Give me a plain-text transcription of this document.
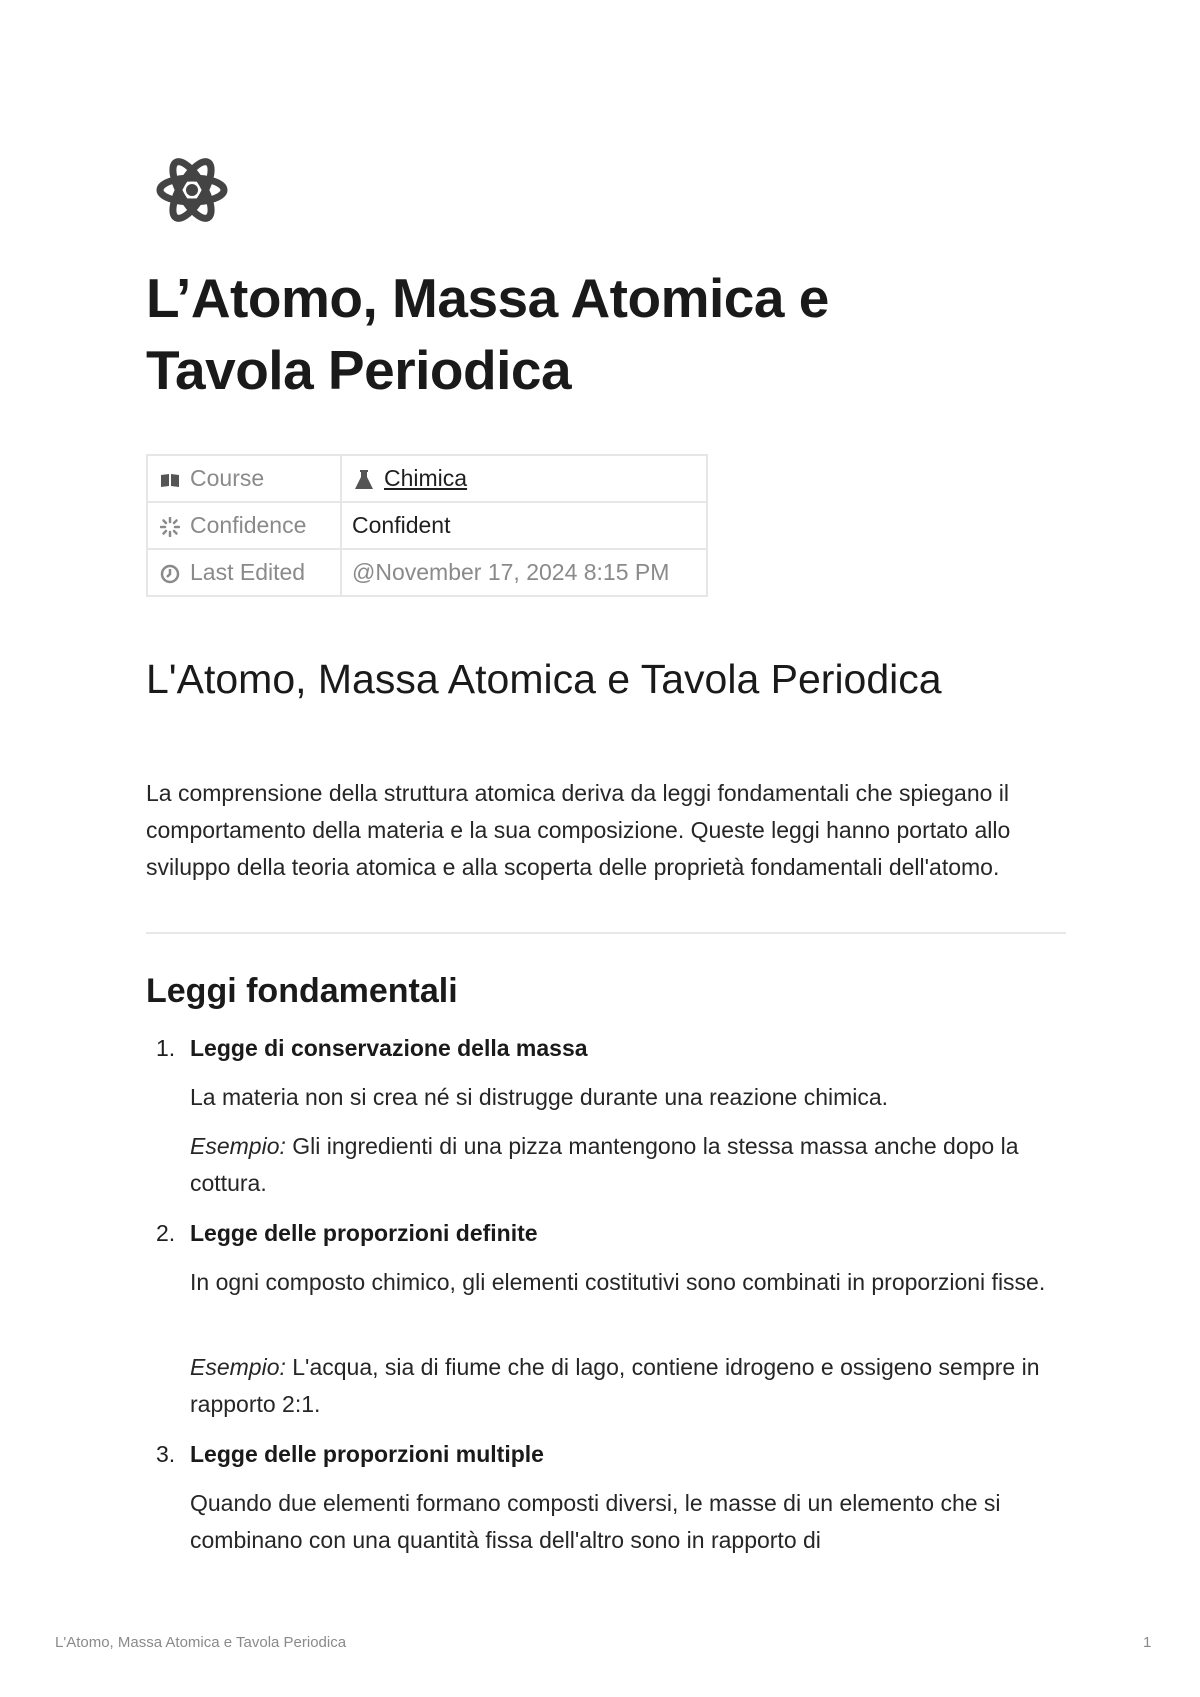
L’Atomo, Massa Atomica e Tavola Periodica
Course	Chimica

Confidence	Confident

Last Edited	@November 17, 2024 8:15 PM
L'Atomo, Massa Atomica e Tavola Periodica

La comprensione della struttura atomica deriva da leggi fondamentali che spiegano il comportamento della materia e la sua composizione. Queste leggi hanno portato allo sviluppo della teoria atomica e alla scoperta delle proprietà fondamentali dell'atomo.

Leggi fondamentali
1. Legge di conservazione della massa

La materia non si crea né si distrugge durante una reazione chimica.

Esempio: Gli ingredienti di una pizza mantengono la stessa massa anche dopo la cottura.

2. Legge delle proporzioni definite

In ogni composto chimico, gli elementi costitutivi sono combinati in proporzioni fisse.

Esempio: L'acqua, sia di fiume che di lago, contiene idrogeno e ossigeno sempre in rapporto 2:1.

3. Legge delle proporzioni multiple

Quando due elementi formano composti diversi, le masse di un elemento che si combinano con una quantità fissa dell'altro sono in rapporto di

L'Atomo, Massa Atomica e Tavola Periodica	1
